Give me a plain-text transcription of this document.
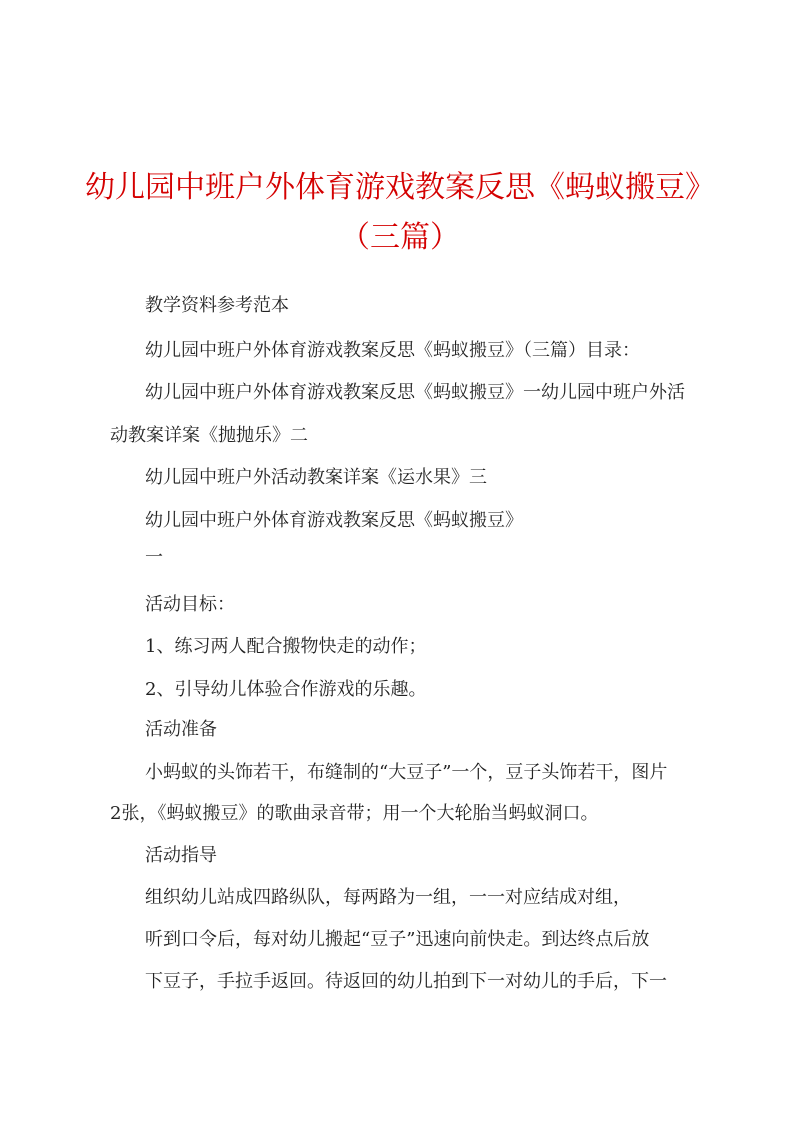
幼儿园中班户外体育游戏教案反思《蚂蚁搬豆》
（三篇）

教学资料参考范本

幼儿园中班户外体育游戏教案反思《蚂蚁搬豆》（三篇）目录：

幼儿园中班户外体育游戏教案反思《蚂蚁搬豆》一幼儿园中班户外活

动教案详案《抛抛乐》二

幼儿园中班户外活动教案详案《运水果》三

幼儿园中班户外体育游戏教案反思《蚂蚁搬豆》

一

活动目标：

1、练习两人配合搬物快走的动作；

2、引导幼儿体验合作游戏的乐趣。

活动准备

小蚂蚁的头饰若干，布缝制的“大豆子”一个，豆子头饰若干，图片

2张，《蚂蚁搬豆》的歌曲录音带；用一个大轮胎当蚂蚁洞口。

活动指导

组织幼儿站成四路纵队，每两路为一组，一一对应结成对组，

听到口令后，每对幼儿搬起“豆子”迅速向前快走。到达终点后放

下豆子，手拉手返回。待返回的幼儿拍到下一对幼儿的手后，下一
